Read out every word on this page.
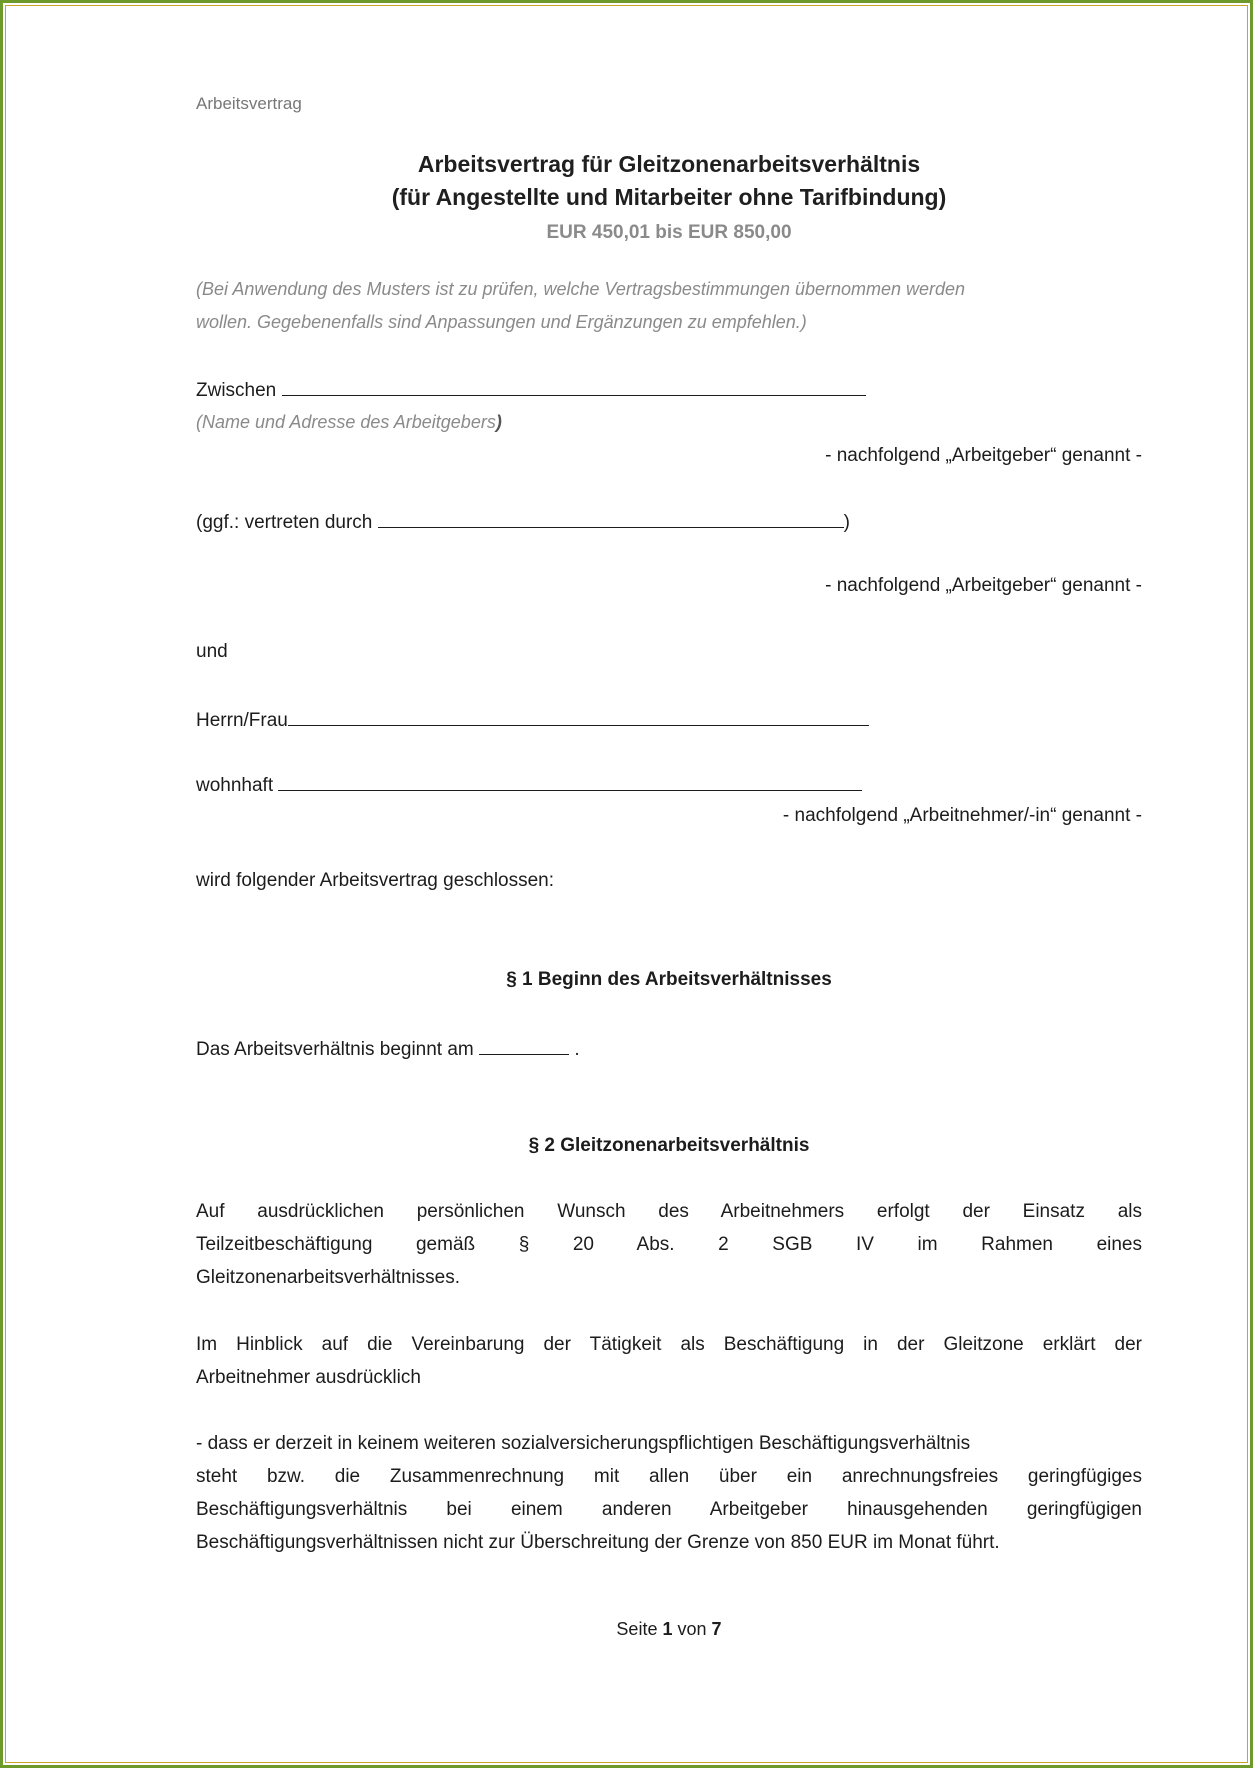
Arbeitsvertrag
Arbeitsvertrag für Gleitzonenarbeitsverhältnis
(für Angestellte und Mitarbeiter ohne Tarifbindung)
EUR 450,01 bis EUR 850,00
(Bei Anwendung des Musters ist zu prüfen, welche Vertragsbestimmungen übernommen werden
wollen. Gegebenenfalls sind Anpassungen und Ergänzungen zu empfehlen.)
Zwischen
(Name und Adresse des Arbeitgebers)
- nachfolgend „Arbeitgeber“ genannt -
(ggf.: vertreten durch	)
- nachfolgend „Arbeitgeber“ genannt -
und
Herrn/Frau
wohnhaft
- nachfolgend „Arbeitnehmer/-in“ genannt -
wird folgender Arbeitsvertrag geschlossen:
§ 1 Beginn des Arbeitsverhältnisses
Das Arbeitsverhältnis beginnt am	.
§ 2 Gleitzonenarbeitsverhältnis
Auf ausdrücklichen persönlichen Wunsch des Arbeitnehmers erfolgt der Einsatz als
Teilzeitbeschäftigung gemäß § 20 Abs. 2 SGB IV im Rahmen eines
Gleitzonenarbeitsverhältnisses.
Im Hinblick auf die Vereinbarung der Tätigkeit als Beschäftigung in der Gleitzone erklärt der
Arbeitnehmer ausdrücklich
- dass er derzeit in keinem weiteren sozialversicherungspflichtigen Beschäftigungsverhältnis
steht bzw. die Zusammenrechnung mit allen über ein anrechnungsfreies geringfügiges
Beschäftigungsverhältnis bei einem anderen Arbeitgeber hinausgehenden geringfügigen
Beschäftigungsverhältnissen nicht zur Überschreitung der Grenze von 850 EUR im Monat führt.
Seite 1 von 7
